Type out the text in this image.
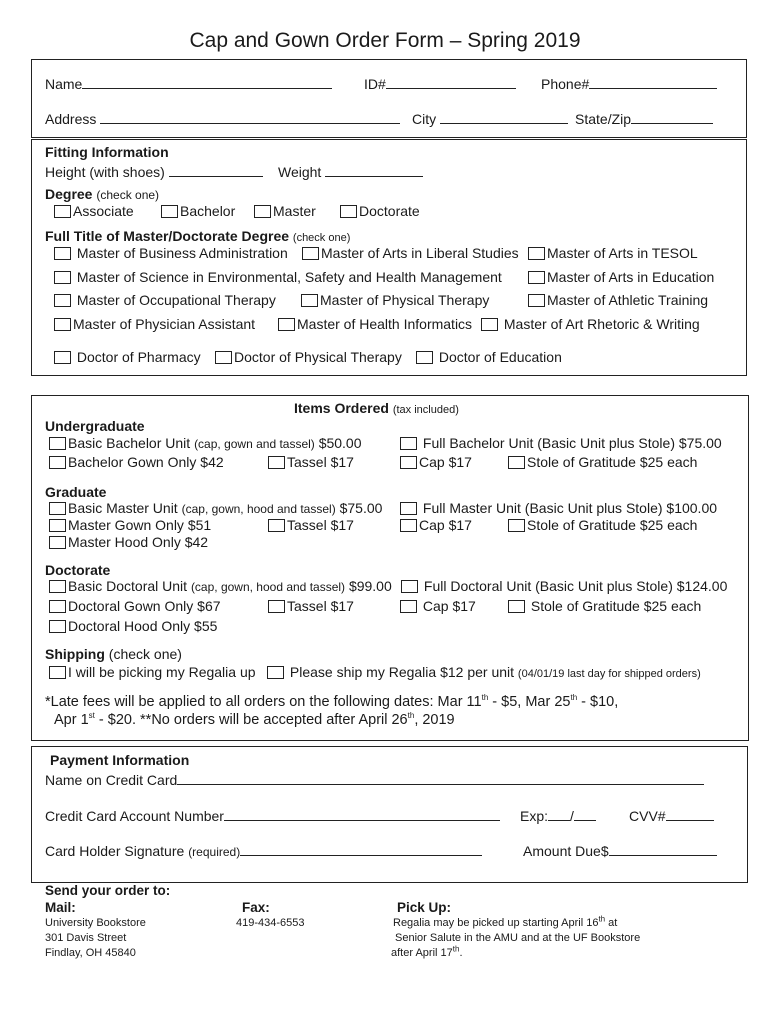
Cap and Gown Order Form – Spring 2019
Name	ID#	Phone#
Address	City	State/Zip
Fitting Information
Height (with shoes)	Weight
Degree (check one)
Associate	Bachelor	Master	Doctorate
Full Title of Master/Doctorate Degree (check one)
Master of Business Administration	Master of Arts in Liberal Studies	Master of Arts in TESOL
Master of Science in Environmental, Safety and Health Management	Master of Arts in Education
Master of Occupational Therapy	Master of Physical Therapy	Master of Athletic Training
Master of Physician Assistant	Master of Health Informatics	Master of Art Rhetoric & Writing
Doctor of Pharmacy	Doctor of Physical Therapy	Doctor of Education
Items Ordered (tax included)
Undergraduate
Basic Bachelor Unit (cap, gown and tassel) $50.00	Full Bachelor Unit (Basic Unit plus Stole) $75.00
Bachelor Gown Only $42	Tassel $17	Cap $17	Stole of Gratitude $25 each
Graduate
Basic Master Unit (cap, gown, hood and tassel) $75.00	Full Master Unit (Basic Unit plus Stole) $100.00
Master Gown Only $51	Tassel $17	Cap $17	Stole of Gratitude $25 each
Master Hood Only $42
Doctorate
Basic Doctoral Unit (cap, gown, hood and tassel) $99.00	Full Doctoral Unit (Basic Unit plus Stole) $124.00
Doctoral Gown Only $67	Tassel $17	Cap $17	Stole of Gratitude $25 each
Doctoral Hood Only $55
Shipping (check one)
I will be picking my Regalia up	Please ship my Regalia $12 per unit (04/01/19 last day for shipped orders)
*Late fees will be applied to all orders on the following dates: Mar 11th - $5, Mar 25th - $10,
Apr 1st - $20. **No orders will be accepted after April 26th, 2019
Payment Information
Name on Credit Card
Credit Card Account Number	Exp: /	CVV#
Card Holder Signature (required)	Amount Due$
Send your order to:
Mail:
University Bookstore
301 Davis Street
Findlay, OH 45840
Fax:
419-434-6553
Pick Up:
Regalia may be picked up starting April 16th at
Senior Salute in the AMU and at the UF Bookstore
after April 17th.
